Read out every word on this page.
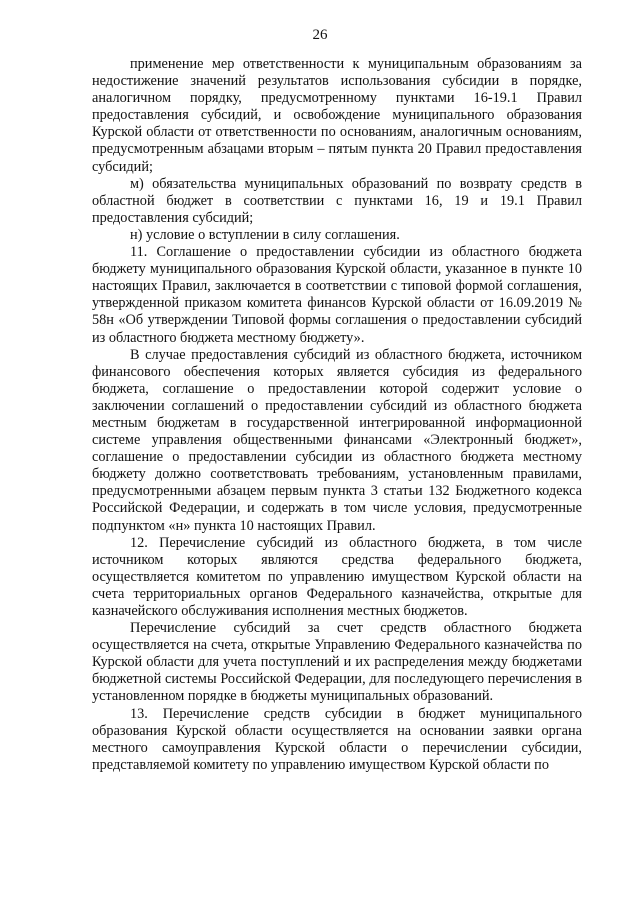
26

применение мер ответственности к муниципальным образованиям за недостижение значений результатов использования субсидии в порядке, аналогичном порядку, предусмотренному пунктами 16-19.1 Правил предоставления субсидий, и освобождение муниципального образования Курской области от ответственности по основаниям, аналогичным основаниям, предусмотренным абзацами вторым – пятым пункта 20 Правил предоставления субсидий;

м) обязательства муниципальных образований по возврату средств в областной бюджет в соответствии с пунктами 16, 19 и 19.1 Правил предоставления субсидий;

н) условие о вступлении в силу соглашения.

11. Соглашение о предоставлении субсидии из областного бюджета бюджету муниципального образования Курской области, указанное в пункте 10 настоящих Правил, заключается в соответствии с типовой формой соглашения, утвержденной приказом комитета финансов Курской области от 16.09.2019 № 58н «Об утверждении Типовой формы соглашения о предоставлении субсидий из областного бюджета местному бюджету».

В случае предоставления субсидий из областного бюджета, источником финансового обеспечения которых является субсидия из федерального бюджета, соглашение о предоставлении которой содержит условие о заключении соглашений о предоставлении субсидий из областного бюджета местным бюджетам в государственной интегрированной информационной системе управления общественными финансами «Электронный бюджет», соглашение о предоставлении субсидии из областного бюджета местному бюджету должно соответствовать требованиям, установленным правилами, предусмотренными абзацем первым пункта 3 статьи 132 Бюджетного кодекса Российской Федерации, и содержать в том числе условия, предусмотренные подпунктом «н» пункта 10 настоящих Правил.

12. Перечисление субсидий из областного бюджета, в том числе источником которых являются средства федерального бюджета, осуществляется комитетом по управлению имуществом Курской области на счета территориальных органов Федерального казначейства, открытые для казначейского обслуживания исполнения местных бюджетов.

Перечисление субсидий за счет средств областного бюджета осуществляется на счета, открытые Управлению Федерального казначейства по Курской области для учета поступлений и их распределения между бюджетами бюджетной системы Российской Федерации, для последующего перечисления в установленном порядке в бюджеты муниципальных образований.

13. Перечисление средств субсидии в бюджет муниципального образования Курской области осуществляется на основании заявки органа местного самоуправления Курской области о перечислении субсидии, представляемой комитету по управлению имуществом Курской области по
